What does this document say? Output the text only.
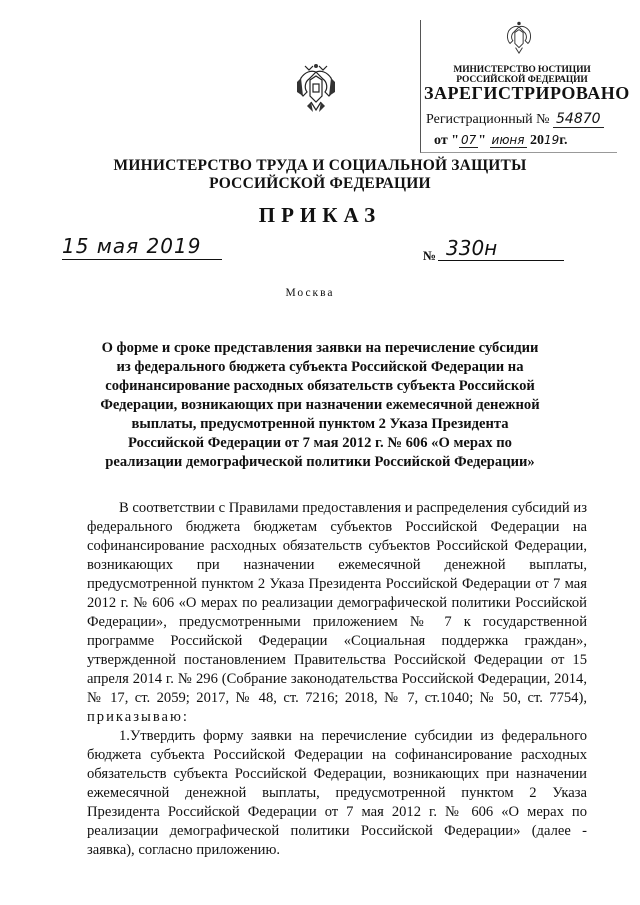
МИНИСТЕРСТВО ЮСТИЦИИ РОССИЙСКОЙ ФЕДЕРАЦИИ
ЗАРЕГИСТРИРОВАНО
Регистрационный № 54870
от " 07 " июня 2019г.
МИНИСТЕРСТВО ТРУДА И СОЦИАЛЬНОЙ ЗАЩИТЫ
РОССИЙСКОЙ ФЕДЕРАЦИИ
ПРИКАЗ
15 мая 2019	№ 330н
Москва
О форме и сроке представления заявки на перечисление субсидии из федерального бюджета субъекта Российской Федерации на софинансирование расходных обязательств субъекта Российской Федерации, возникающих при назначении ежемесячной денежной выплаты, предусмотренной пунктом 2 Указа Президента Российской Федерации от 7 мая 2012 г. № 606 «О мерах по реализации демографической политики Российской Федерации»

В соответствии с Правилами предоставления и распределения субсидий из федерального бюджета бюджетам субъектов Российской Федерации на софинансирование расходных обязательств субъектов Российской Федерации, возникающих при назначении ежемесячной денежной выплаты, предусмотренной пунктом 2 Указа Президента Российской Федерации от 7 мая 2012 г. № 606 «О мерах по реализации демографической политики Российской Федерации», предусмотренными приложением № 7 к государственной программе Российской Федерации «Социальная поддержка граждан», утвержденной постановлением Правительства Российской Федерации от 15 апреля 2014 г. № 296 (Собрание законодательства Российской Федерации, 2014, № 17, ст. 2059; 2017, № 48, ст. 7216; 2018, № 7, ст.1040; № 50, ст. 7754), приказываю:

1.Утвердить форму заявки на перечисление субсидии из федерального бюджета субъекта Российской Федерации на софинансирование расходных обязательств субъекта Российской Федерации, возникающих при назначении ежемесячной денежной выплаты, предусмотренной пунктом 2 Указа Президента Российской Федерации от 7 мая 2012 г. № 606 «О мерах по реализации демографической политики Российской Федерации» (далее - заявка), согласно приложению.
